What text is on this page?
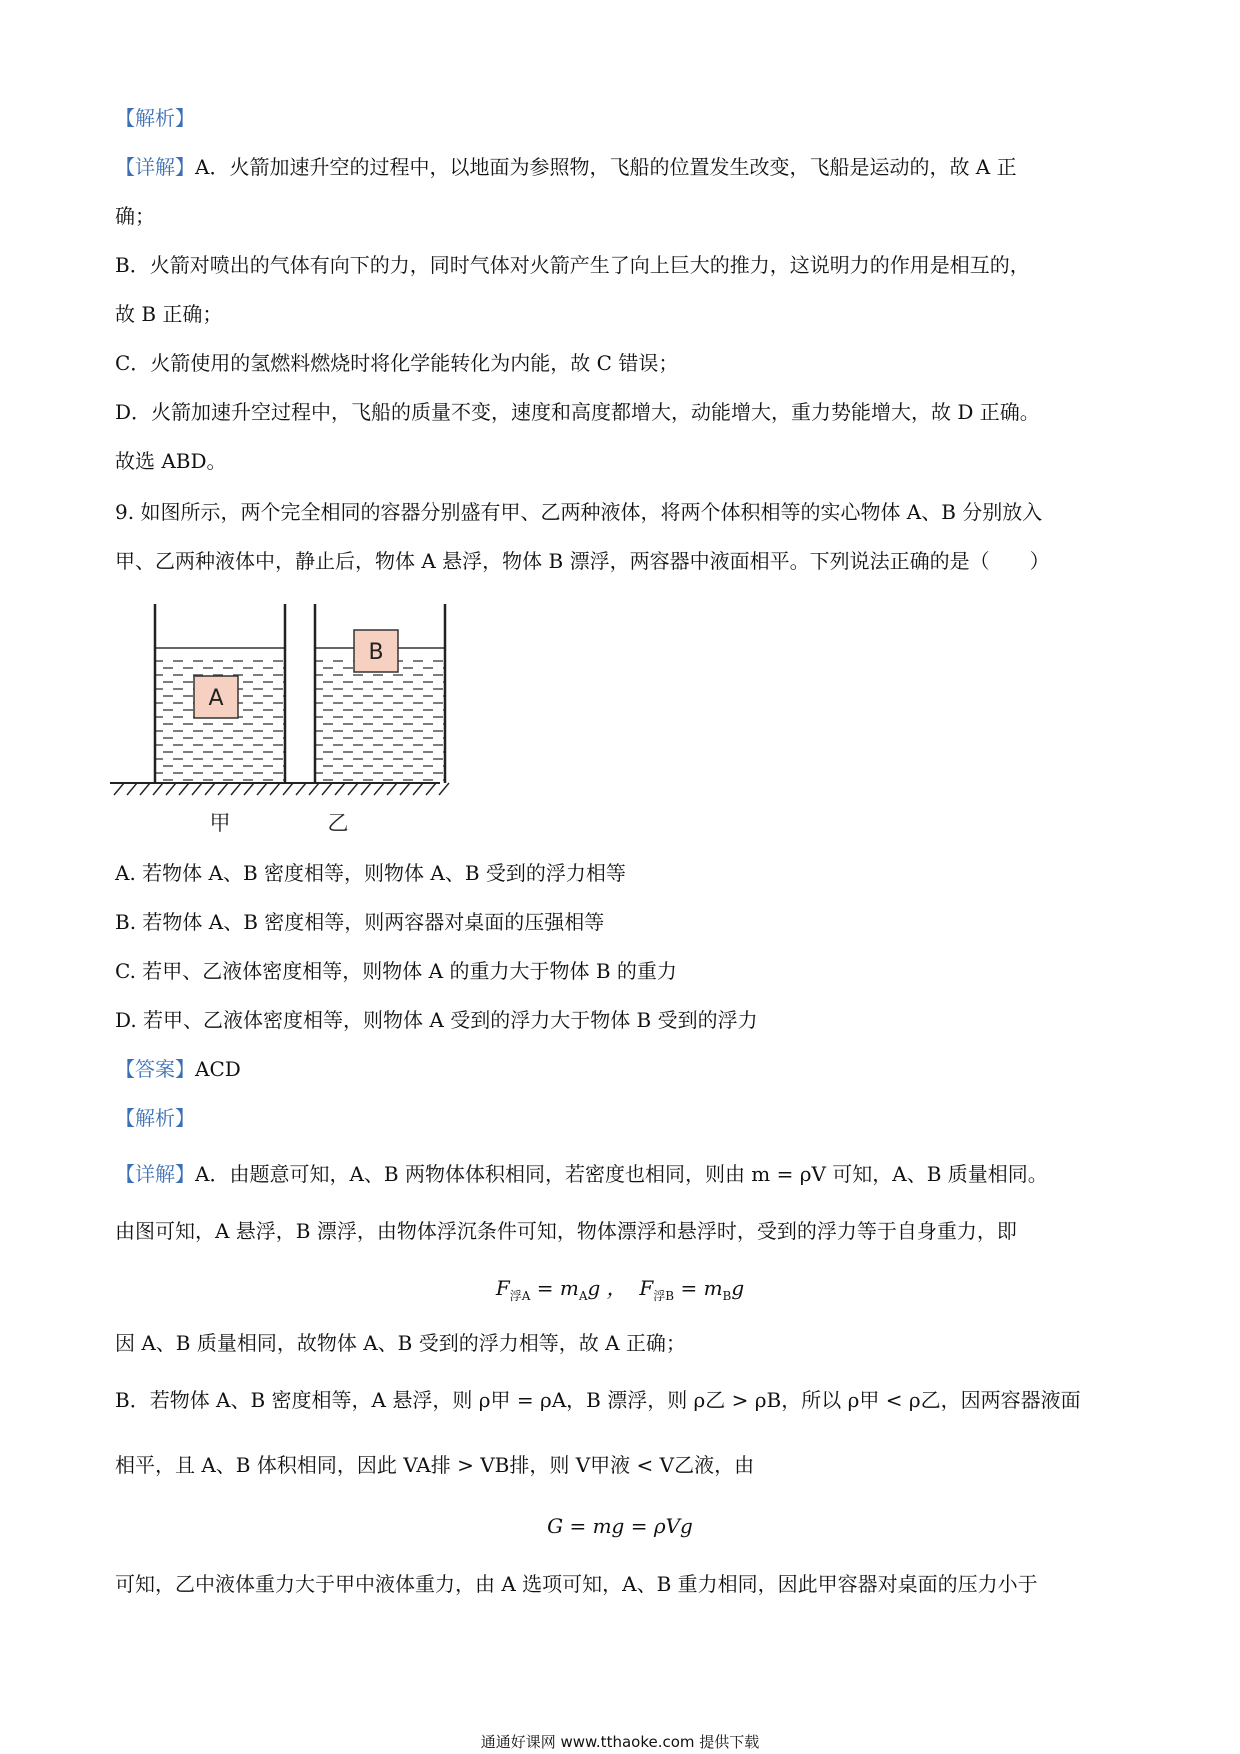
【解析】
【详解】A．火箭加速升空的过程中，以地面为参照物，飞船的位置发生改变，飞船是运动的，故 A 正
确；
B．火箭对喷出的气体有向下的力，同时气体对火箭产生了向上巨大的推力，这说明力的作用是相互的，
故 B 正确；
C．火箭使用的氢燃料燃烧时将化学能转化为内能，故 C 错误；
D．火箭加速升空过程中，飞船的质量不变，速度和高度都增大，动能增大，重力势能增大，故 D 正确。
故选 ABD。
9. 如图所示，两个完全相同的容器分别盛有甲、乙两种液体，将两个体积相等的实心物体 A、B 分别放入
甲、乙两种液体中，静止后，物体 A 悬浮，物体 B 漂浮，两容器中液面相平。下列说法正确的是（　　）
A
B
甲	乙
A. 若物体 A、B 密度相等，则物体 A、B 受到的浮力相等
B. 若物体 A、B 密度相等，则两容器对桌面的压强相等
C. 若甲、乙液体密度相等，则物体 A 的重力大于物体 B 的重力
D. 若甲、乙液体密度相等，则物体 A 受到的浮力大于物体 B 受到的浮力
【答案】ACD
【解析】
【详解】A．由题意可知，A、B 两物体体积相同，若密度也相同，则由 m = ρV 可知，A、B 质量相同。
由图可知，A 悬浮，B 漂浮，由物体浮沉条件可知，物体漂浮和悬浮时，受到的浮力等于自身重力，即
$F_{浮A} = m_Ag$ ， $F_{浮B} = m_Bg$
因 A、B 质量相同，故物体 A、B 受到的浮力相等，故 A 正确；
B．若物体 A、B 密度相等，A 悬浮，则 ρ甲 = ρA，B 漂浮，则 ρ乙 > ρB，所以 ρ甲 < ρ乙，因两容器液面
相平，且 A、B 体积相同，因此 VA排 > VB排，则 V甲液 < V乙液，由
G = mg = ρVg
可知，乙中液体重力大于甲中液体重力，由 A 选项可知，A、B 重力相同，因此甲容器对桌面的压力小于
通通好课网 www.tthaoke.com 提供下载
